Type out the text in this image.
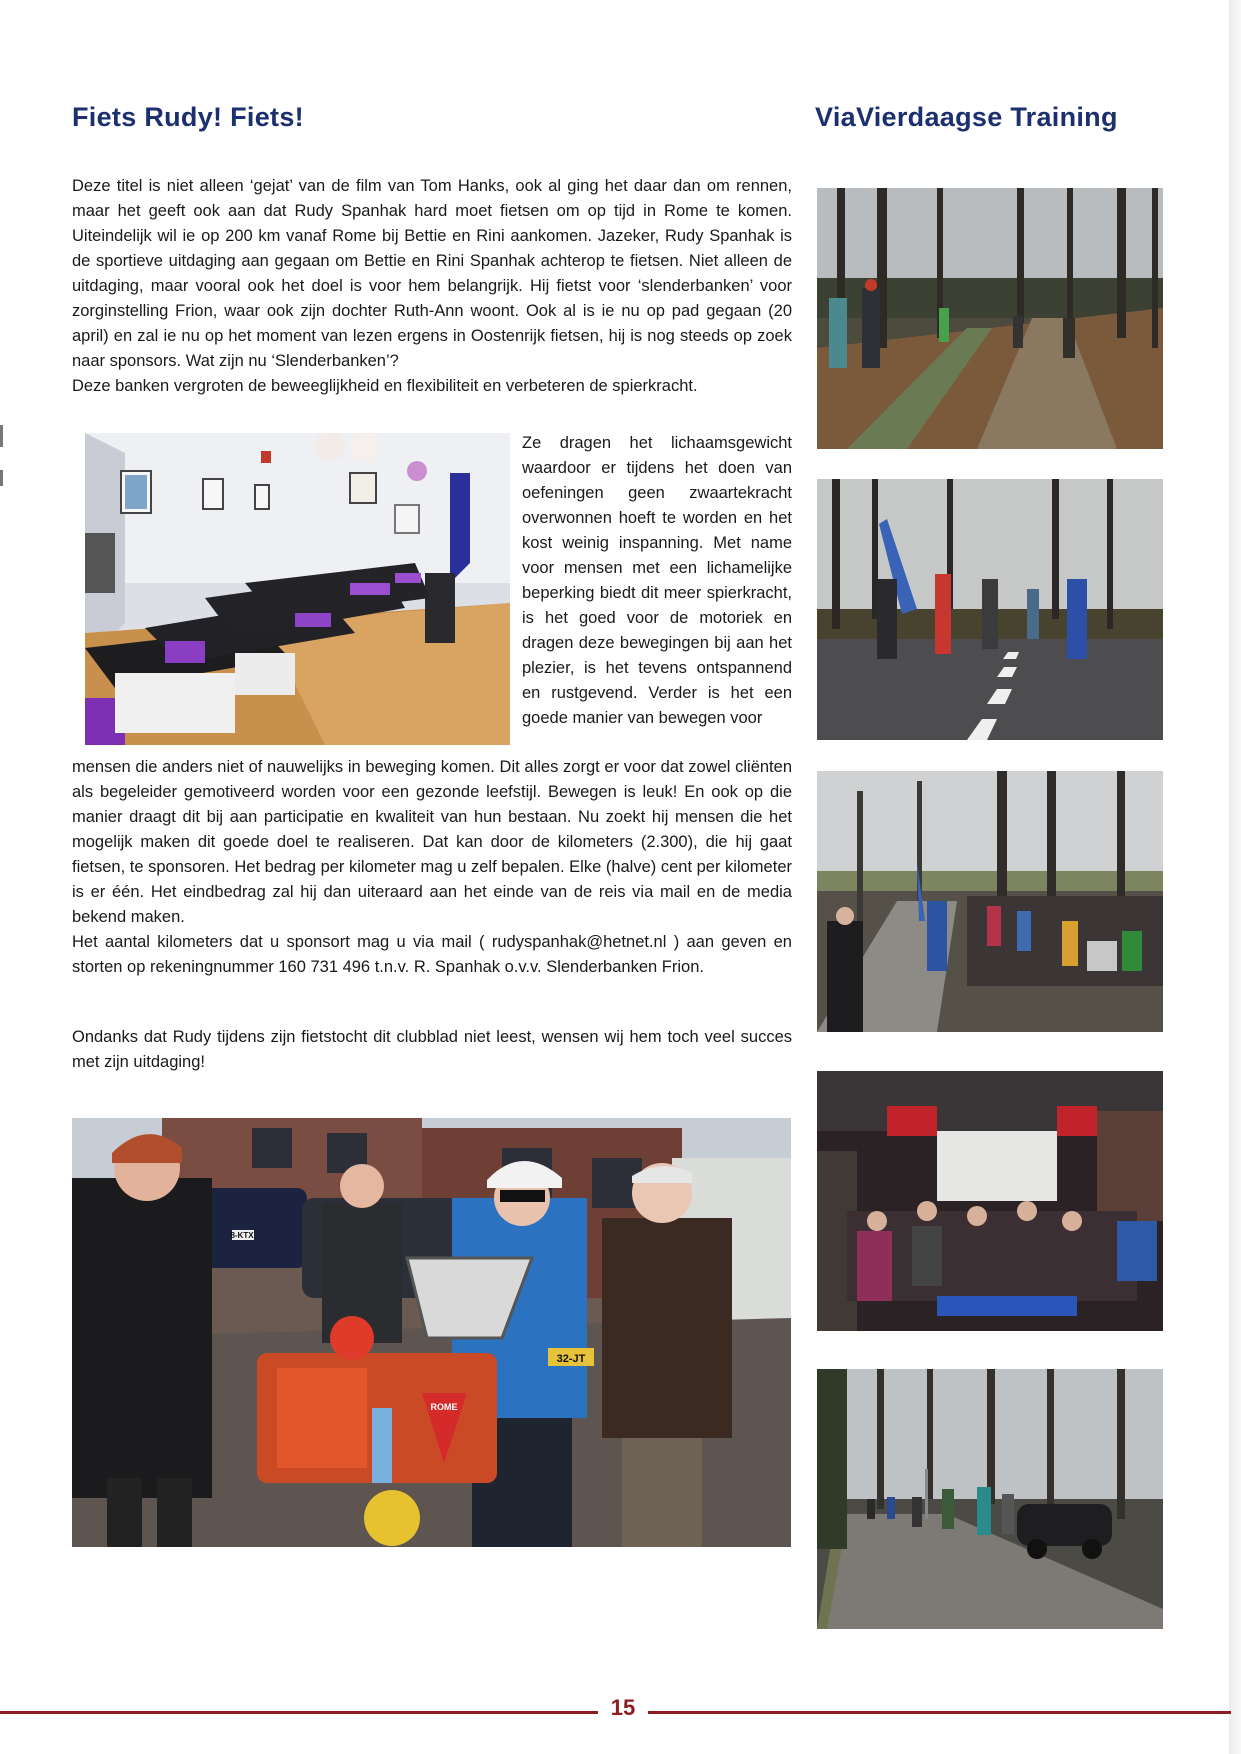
Fiets Rudy! Fiets!	ViaVierdaagse Training

Deze titel is niet alleen ‘gejat’ van de film van Tom Hanks, ook al ging het daar dan om rennen, maar het geeft ook aan dat Rudy Spanhak hard moet fietsen om op tijd in Rome te komen. Uiteindelijk wil ie op 200 km vanaf Rome bij Bettie en Rini aankomen. Jazeker, Rudy Spanhak is de sportieve uitdaging aan gegaan om Bettie en Rini Spanhak achterop te fietsen. Niet alleen de uitdaging, maar vooral ook het doel is voor hem belangrijk. Hij fietst voor ‘slenderbanken’ voor zorginstelling Frion, waar ook zijn dochter Ruth-Ann woont. Ook al is ie nu op pad gegaan (20 april) en zal ie nu op het moment van lezen ergens in Oostenrijk fietsen, hij is nog steeds op zoek naar sponsors. Wat zijn nu ‘Slenderbanken’?

Deze banken vergroten de beweeglijkheid en flexibiliteit en verbeteren de spierkracht.

Ze dragen het lichaamsgewicht waardoor er tijdens het doen van oefeningen geen zwaartekracht overwonnen hoeft te worden en het kost weinig inspanning. Met name voor mensen met een lichamelijke beperking biedt dit meer spierkracht, is het goed voor de motoriek en dragen deze bewegingen bij aan het plezier, is het tevens ontspannend en rustgevend. Verder is het een goede manier van bewegen voor

mensen die anders niet of nauwelijks in beweging komen. Dit alles zorgt er voor dat zowel cliënten als begeleider gemotiveerd worden voor een gezonde leefstijl. Bewegen is leuk! En ook op die manier draagt dit bij aan participatie en kwaliteit van hun bestaan. Nu zoekt hij mensen die het mogelijk maken dit goede doel te realiseren. Dat kan door de kilometers (2.300), die hij gaat fietsen, te sponsoren. Het bedrag per kilometer mag u zelf bepalen. Elke (halve) cent per kilometer is er één. Het eindbedrag zal hij dan uiteraard aan het einde van de reis via mail en de media bekend maken.

Het aantal kilometers dat u sponsort mag u via mail ( rudyspanhak@hetnet.nl ) aan geven en storten op rekeningnummer 160 731 496 t.n.v. R. Spanhak o.v.v. Slenderbanken Frion.

Ondanks dat Rudy tijdens zijn fietstocht dit clubblad niet leest, wensen wij hem toch veel succes met zijn uitdaging!

32-JT
ROME
8-KTX
15
